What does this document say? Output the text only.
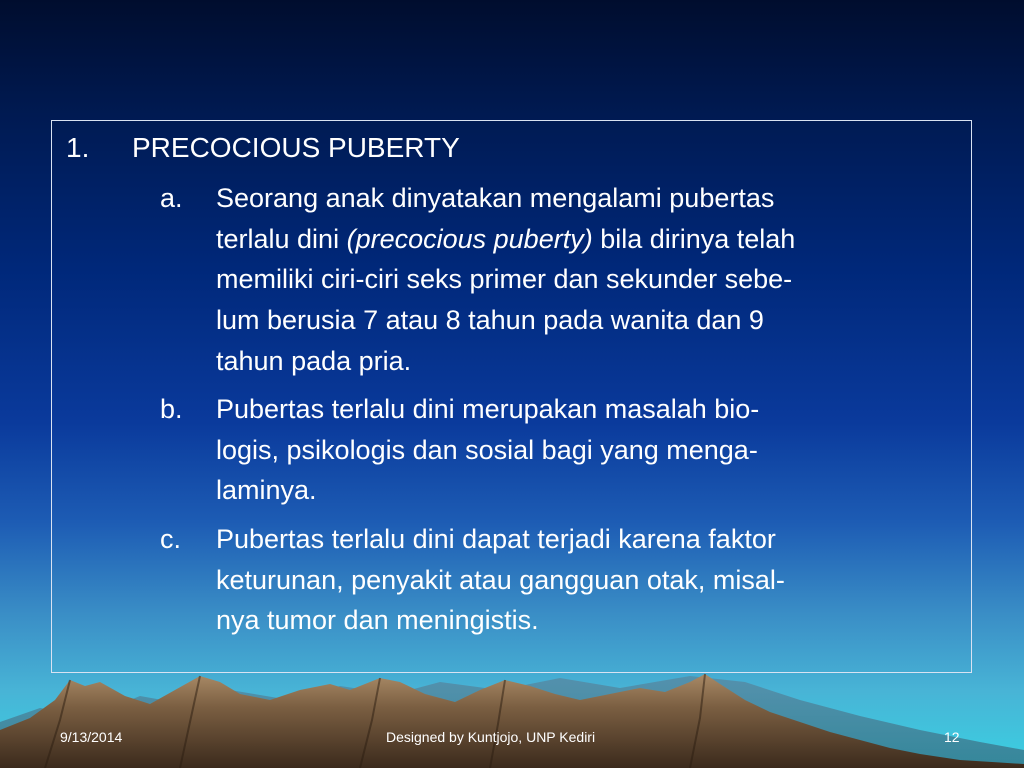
1. PRECOCIOUS PUBERTY
a.	Seorang anak dinyatakan mengalami pubertas
terlalu dini (precocious puberty) bila dirinya telah
memiliki ciri-ciri seks primer dan sekunder sebe-
lum berusia 7 atau 8 tahun pada wanita dan 9
tahun pada pria.
b.	Pubertas terlalu dini merupakan masalah bio-
logis, psikologis dan sosial bagi yang menga-
laminya.
c.	Pubertas terlalu dini dapat terjadi karena faktor
keturunan, penyakit atau gangguan otak, misal-
nya tumor dan meningistis.
9/13/2014	Designed by Kuntjojo, UNP Kediri	12
